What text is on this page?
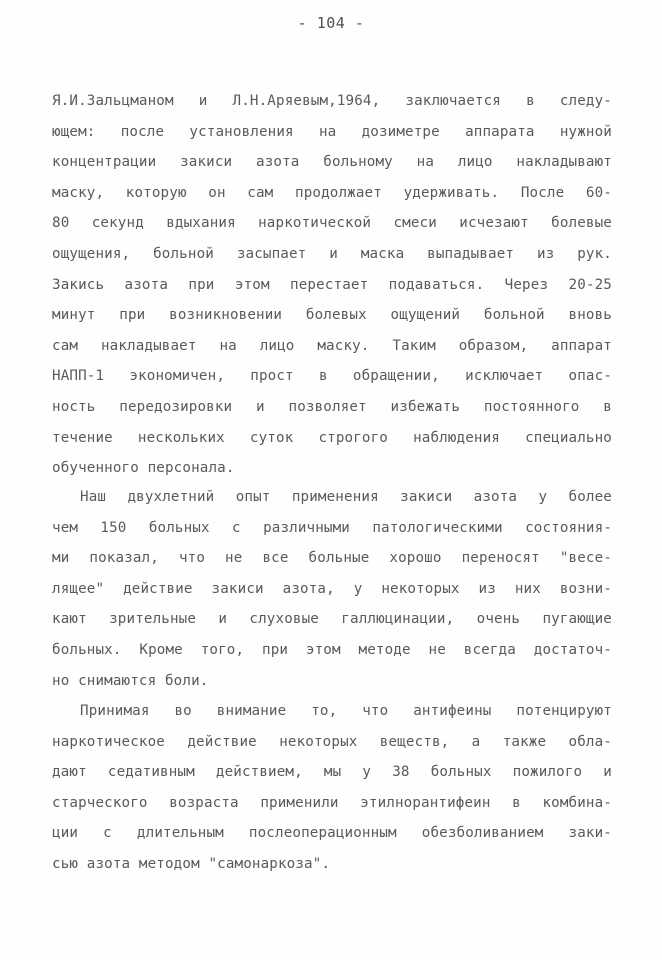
- 104 -
Я.И.Зальцманом и Л.Н.Аряевым,1964, заключается в следу-
ющем: после установления на дозиметре аппарата нужной
концентрации закиси азота больному на лицо накладывают
маску, которую он сам продолжает удерживать. После 60-
80 секунд вдыхания наркотической смеси исчезают болевые
ощущения, больной засыпает и маска выпадывает из рук.
Закись азота при этом перестает подаваться. Через 20-25
минут при возникновении болевых ощущений больной вновь
сам накладывает на лицо маску. Таким образом, аппарат
НАПП-1 экономичен, прост в обращении, исключает опас-
ность передозировки и позволяет избежать постоянного в
течение нескольких суток строгого наблюдения специально
обученного персонала.
Наш двухлетний опыт применения закиси азота у более
чем 150 больных с различными патологическими состояния-
ми показал, что не все больные хорошо переносят "весе-
лящее" действие закиси азота, у некоторых из них возни-
кают зрительные и слуховые галлюцинации, очень пугающие
больных. Кроме того, при этом методе не всегда достаточ-
но снимаются боли.
Принимая во внимание то, что антифеины потенцируют
наркотическое действие некоторых веществ, а также обла-
дают седативным действием, мы у 38 больных пожилого и
старческого возраста применили этилнорантифеин в комбина-
ции с длительным послеоперационным обезболиванием заки-
сью азота методом "самонаркоза".
